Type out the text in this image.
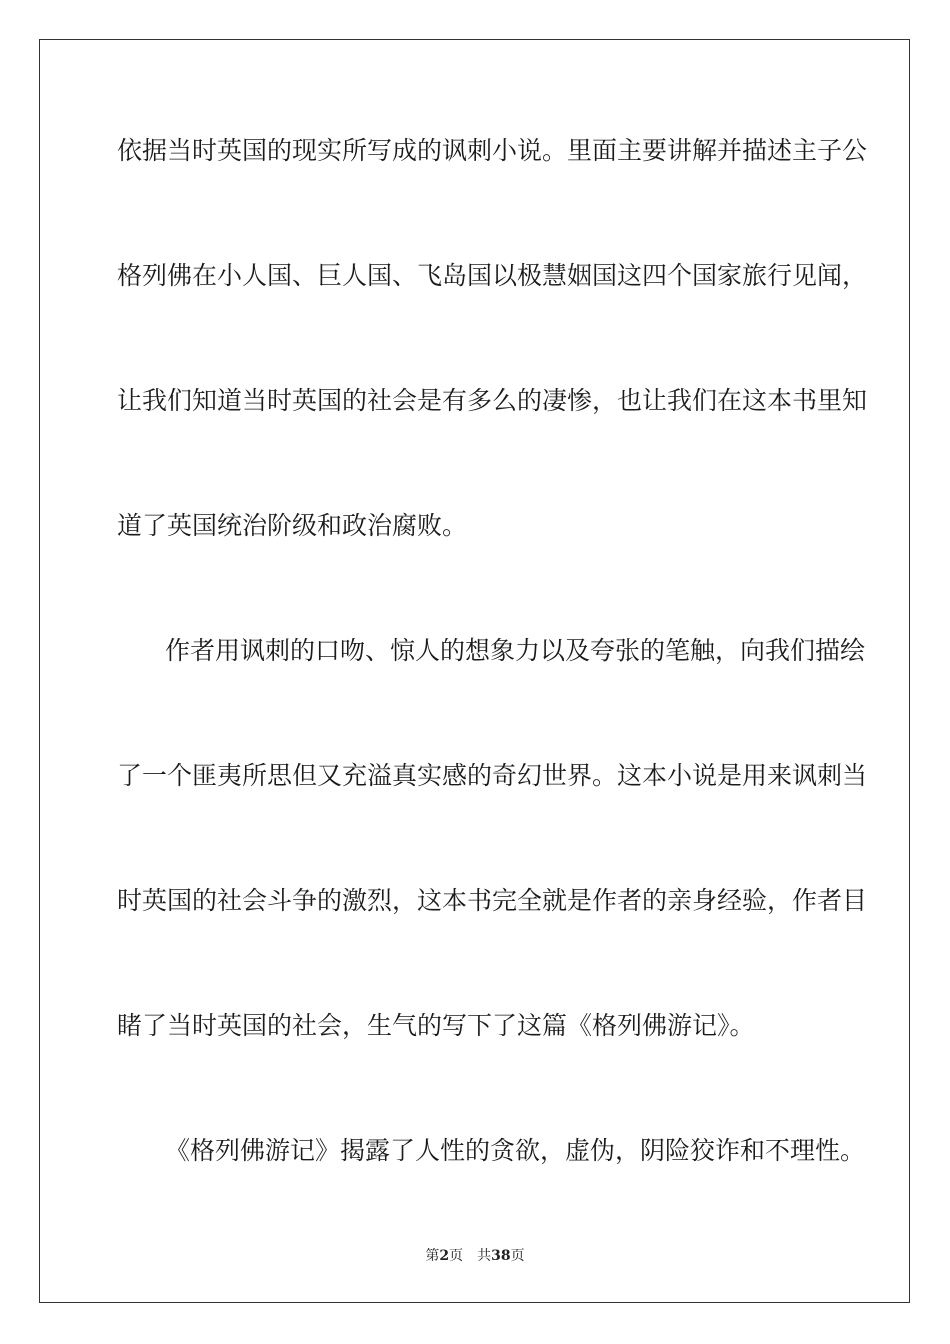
依据当时英国的现实所写成的讽刺小说。里面主要讲解并描述主子公
格列佛在小人国、巨人国、飞岛国以极慧姻国这四个国家旅行见闻，
让我们知道当时英国的社会是有多么的凄惨，也让我们在这本书里知
道了英国统治阶级和政治腐败。
作者用讽刺的口吻、惊人的想象力以及夸张的笔触，向我们描绘
了一个匪夷所思但又充溢真实感的奇幻世界。这本小说是用来讽刺当
时英国的社会斗争的激烈，这本书完全就是作者的亲身经验，作者目
睹了当时英国的社会，生气的写下了这篇《格列佛游记》。
《格列佛游记》揭露了人性的贪欲，虚伪，阴险狡诈和不理性。
第2页 共38页
